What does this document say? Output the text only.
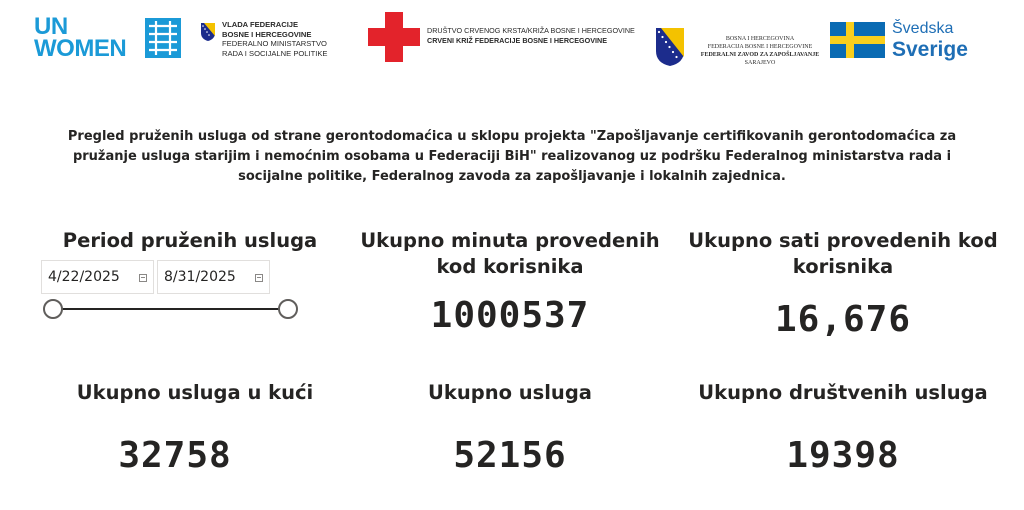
UN
WOMEN
VLADA FEDERACIJE
BOSNE I HERCEGOVINE
FEDERALNO MINISTARSTVO
RADA I SOCIJALNE POLITIKE
DRUŠTVO CRVENOG KRSTA/KRIŽA BOSNE I HERCEGOVINE
CRVENI KRIŽ FEDERACIJE BOSNE I HERCEGOVINE	BOSNA I HERCEGOVINA
FEDERACIJA BOSNE I HERCEGOVINE
FEDERALNI ZAVOD ZA ZAPOŠLJAVANJE
SARAJEVO
Švedska
Sverige
Pregled pruženih usluga od strane gerontodomaćica u sklopu projekta "Zapošljavanje certifikovanih gerontodomaćica za pružanje usluga starijim i nemoćnim osobama u Federaciji BiH" realizovanog uz podršku Federalnog ministarstva rada i socijalne politike, Federalnog zavoda za zapošljavanje i lokalnih zajednica.
Period pruženih usluga
4/22/2025	8/31/2025
Ukupno minuta provedenih kod korisnika
1000537
Ukupno sati provedenih kod korisnika
16,676
Ukupno usluga u kući
32758
Ukupno usluga
52156
Ukupno društvenih usluga
19398
